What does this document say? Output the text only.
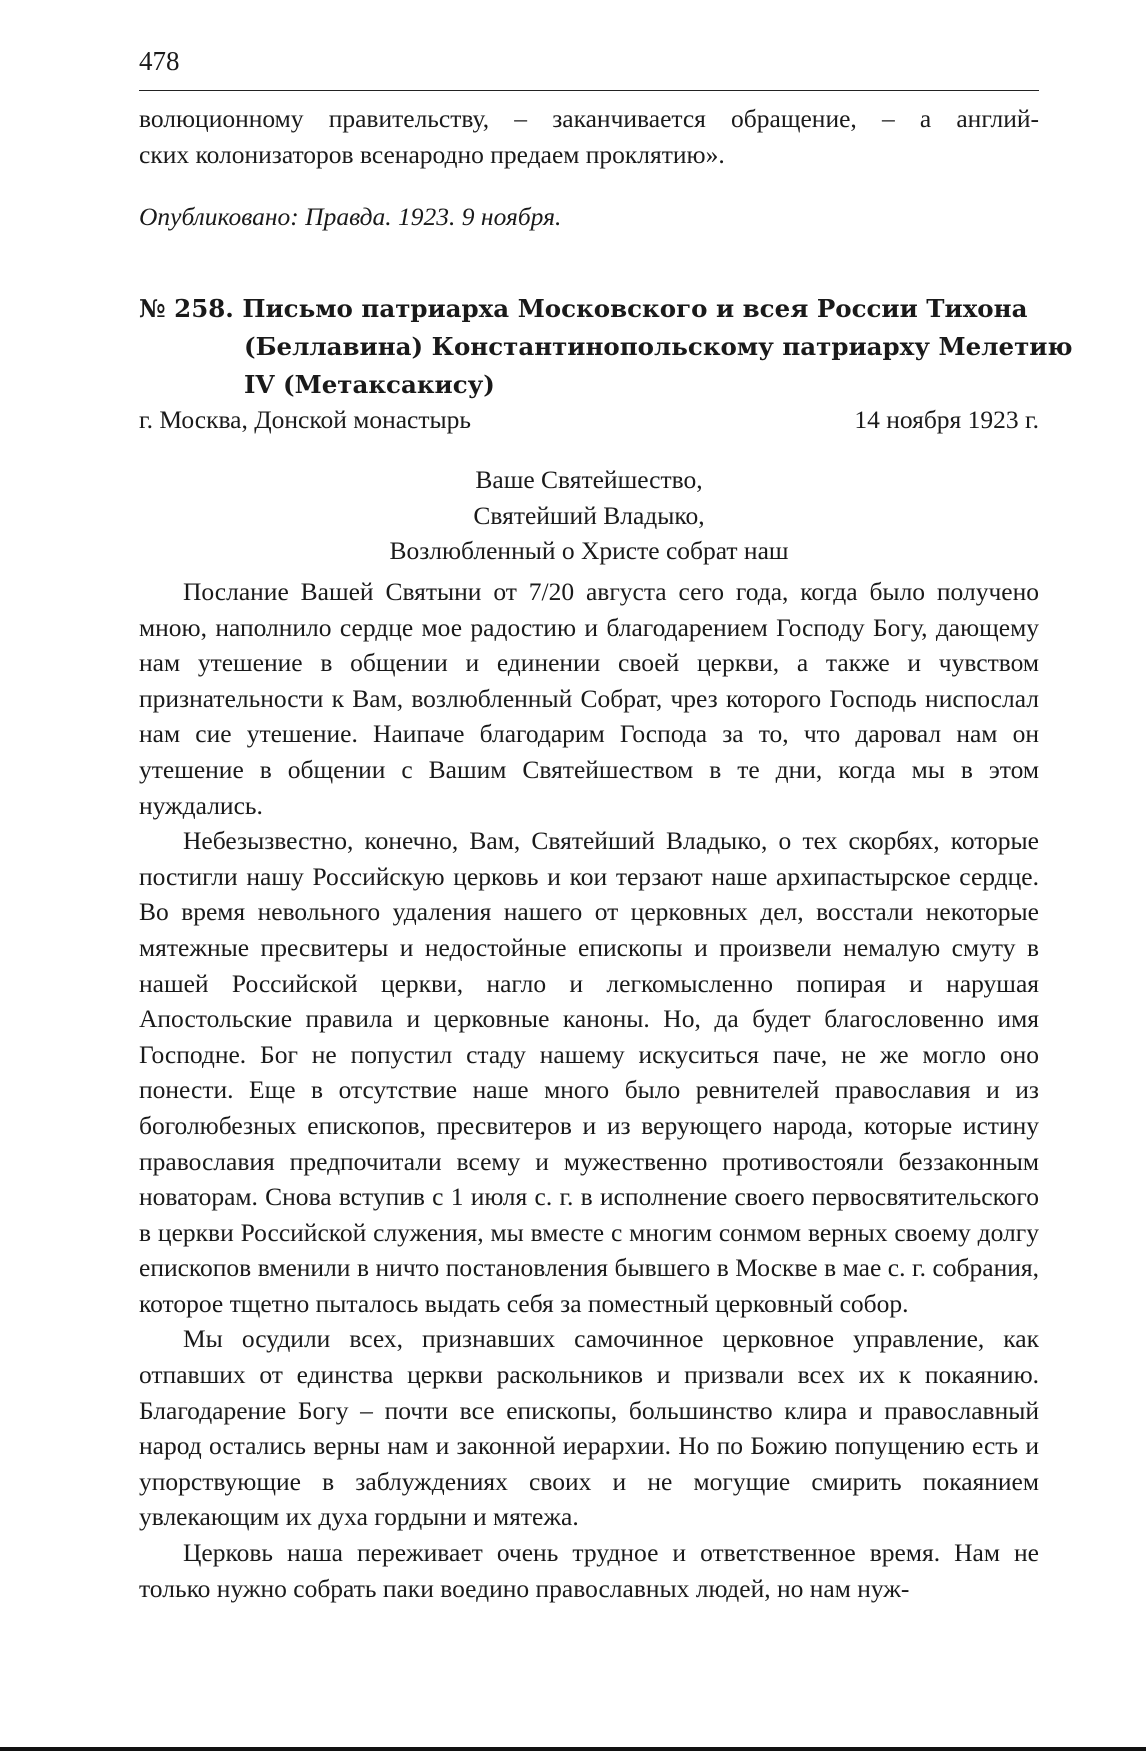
478

волюционному правительству, – заканчивается обращение, – а англий-

ских колонизаторов всенародно предаем проклятию».

Опубликовано: Правда. 1923. 9 ноября.
№ 258. Письмо патриарха Московского и всея России Тихона
(Беллавина) Константинопольскому патриарху Мелетию
IV (Метаксакису)
г. Москва, Донской монастырь	14 ноября 1923 г.
Ваше Святейшество,
Святейший Владыко,
Возлюбленный о Христе собрат наш

Послание Вашей Святыни от 7/20 августа сего года, когда было получено мною, наполнило сердце мое радостию и благодарением Господу Богу, дающему нам утешение в общении и единении своей церкви, а также и чувством признательности к Вам, возлюбленный Собрат, чрез которого Господь ниспослал нам сие утешение. Наипаче благодарим Господа за то, что даровал нам он утешение в общении с Вашим Святейшеством в те дни, когда мы в этом нуждались.

Небезызвестно, конечно, Вам, Святейший Владыко, о тех скорбях, которые постигли нашу Российскую церковь и кои терзают наше архипастырское сердце. Во время невольного удаления нашего от церковных дел, восстали некоторые мятежные пресвитеры и недостойные епископы и произвели немалую смуту в нашей Российской церкви, нагло и легкомысленно попирая и нарушая Апостольские правила и церковные каноны. Но, да будет благословенно имя Господне. Бог не попустил стаду нашему искуситься паче, не же могло оно понести. Еще в отсутствие наше много было ревнителей православия и из боголюбезных епископов, пресвитеров и из верующего народа, которые истину православия предпочитали всему и мужественно противостояли беззаконным новаторам. Снова вступив с 1 июля с. г. в исполнение своего первосвятительского в церкви Российской служения, мы вместе с многим сонмом верных своему долгу епископов вменили в ничто постановления бывшего в Москве в мае с. г. собрания, которое тщетно пыталось выдать себя за поместный церковный собор.

Мы осудили всех, признавших самочинное церковное управление, как отпавших от единства церкви раскольников и призвали всех их к покаянию. Благодарение Богу – почти все епископы, большинство клира и православный народ остались верны нам и законной иерархии. Но по Божию попущению есть и упорствующие в заблуждениях своих и не могущие смирить покаянием увлекающим их духа гордыни и мятежа.

Церковь наша переживает очень трудное и ответственное время. Нам не только нужно собрать паки воедино православных людей, но нам нуж-
